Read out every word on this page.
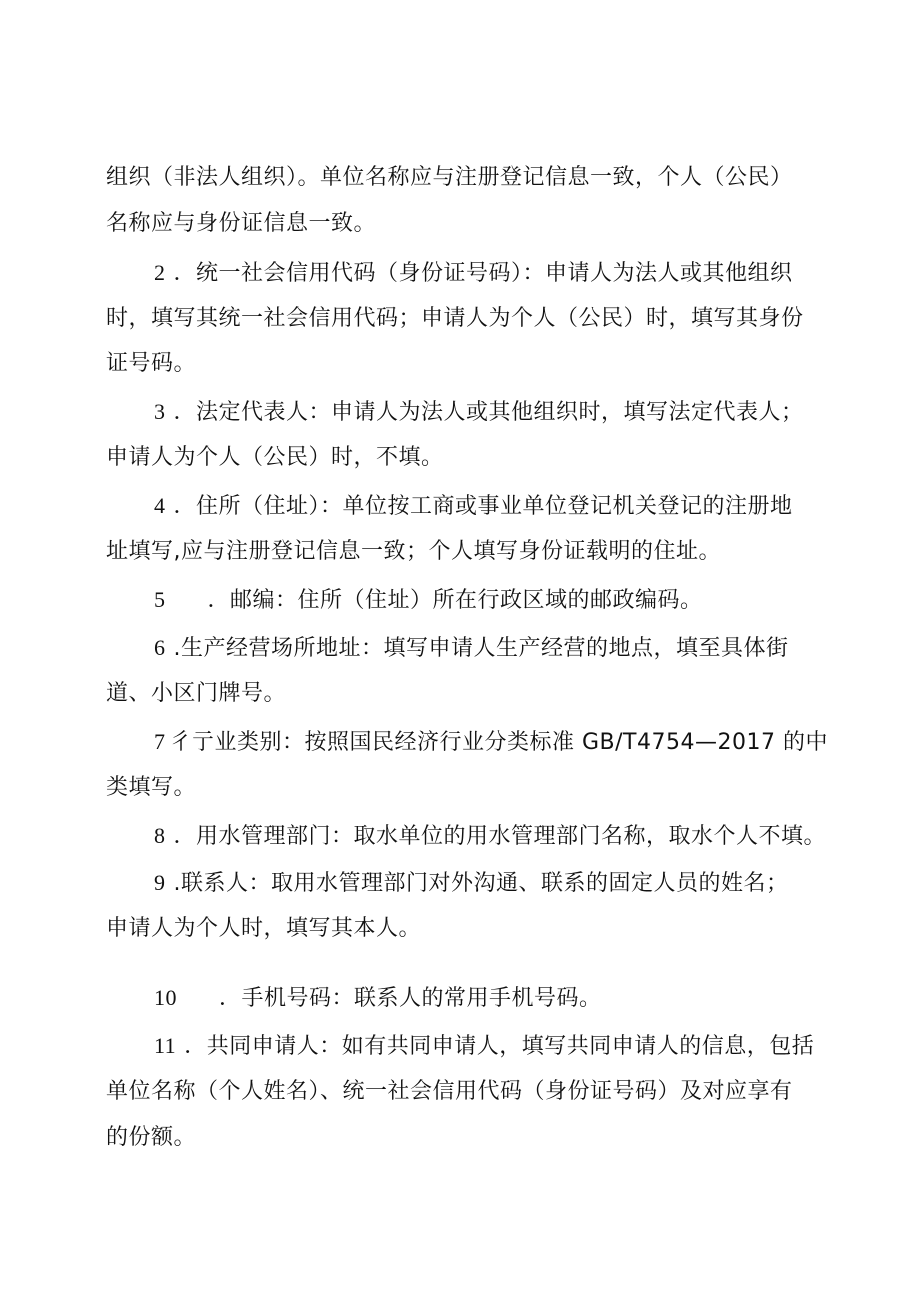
组织（非法人组织）。单位名称应与注册登记信息一致，个人（公民）
名称应与身份证信息一致。
2 ．统一社会信用代码（身份证号码）：申请人为法人或其他组织
时，填写其统一社会信用代码；申请人为个人（公民）时，填写其身份
证号码。
3 ．法定代表人：申请人为法人或其他组织时，填写法定代表人；
申请人为个人（公民）时，不填。
4 ．住所（住址）：单位按工商或事业单位登记机关登记的注册地
址填写,应与注册登记信息一致；个人填写身份证载明的住址。
5 ．邮编：住所（住址）所在行政区域的邮政编码。
6 .生产经营场所地址：填写申请人生产经营的地点，填至具体街
道、小区门牌号。
7 彳亍业类别：按照国民经济行业分类标准 GB/T4754—2017 的中
类填写。
8 ．用水管理部门：取水单位的用水管理部门名称，取水个人不填。
9 .联系人：取用水管理部门对外沟通、联系的固定人员的姓名；
申请人为个人时，填写其本人。
10 ．手机号码：联系人的常用手机号码。
11 ．共同申请人：如有共同申请人，填写共同申请人的信息，包括
单位名称（个人姓名）、统一社会信用代码（身份证号码）及对应享有
的份额。
